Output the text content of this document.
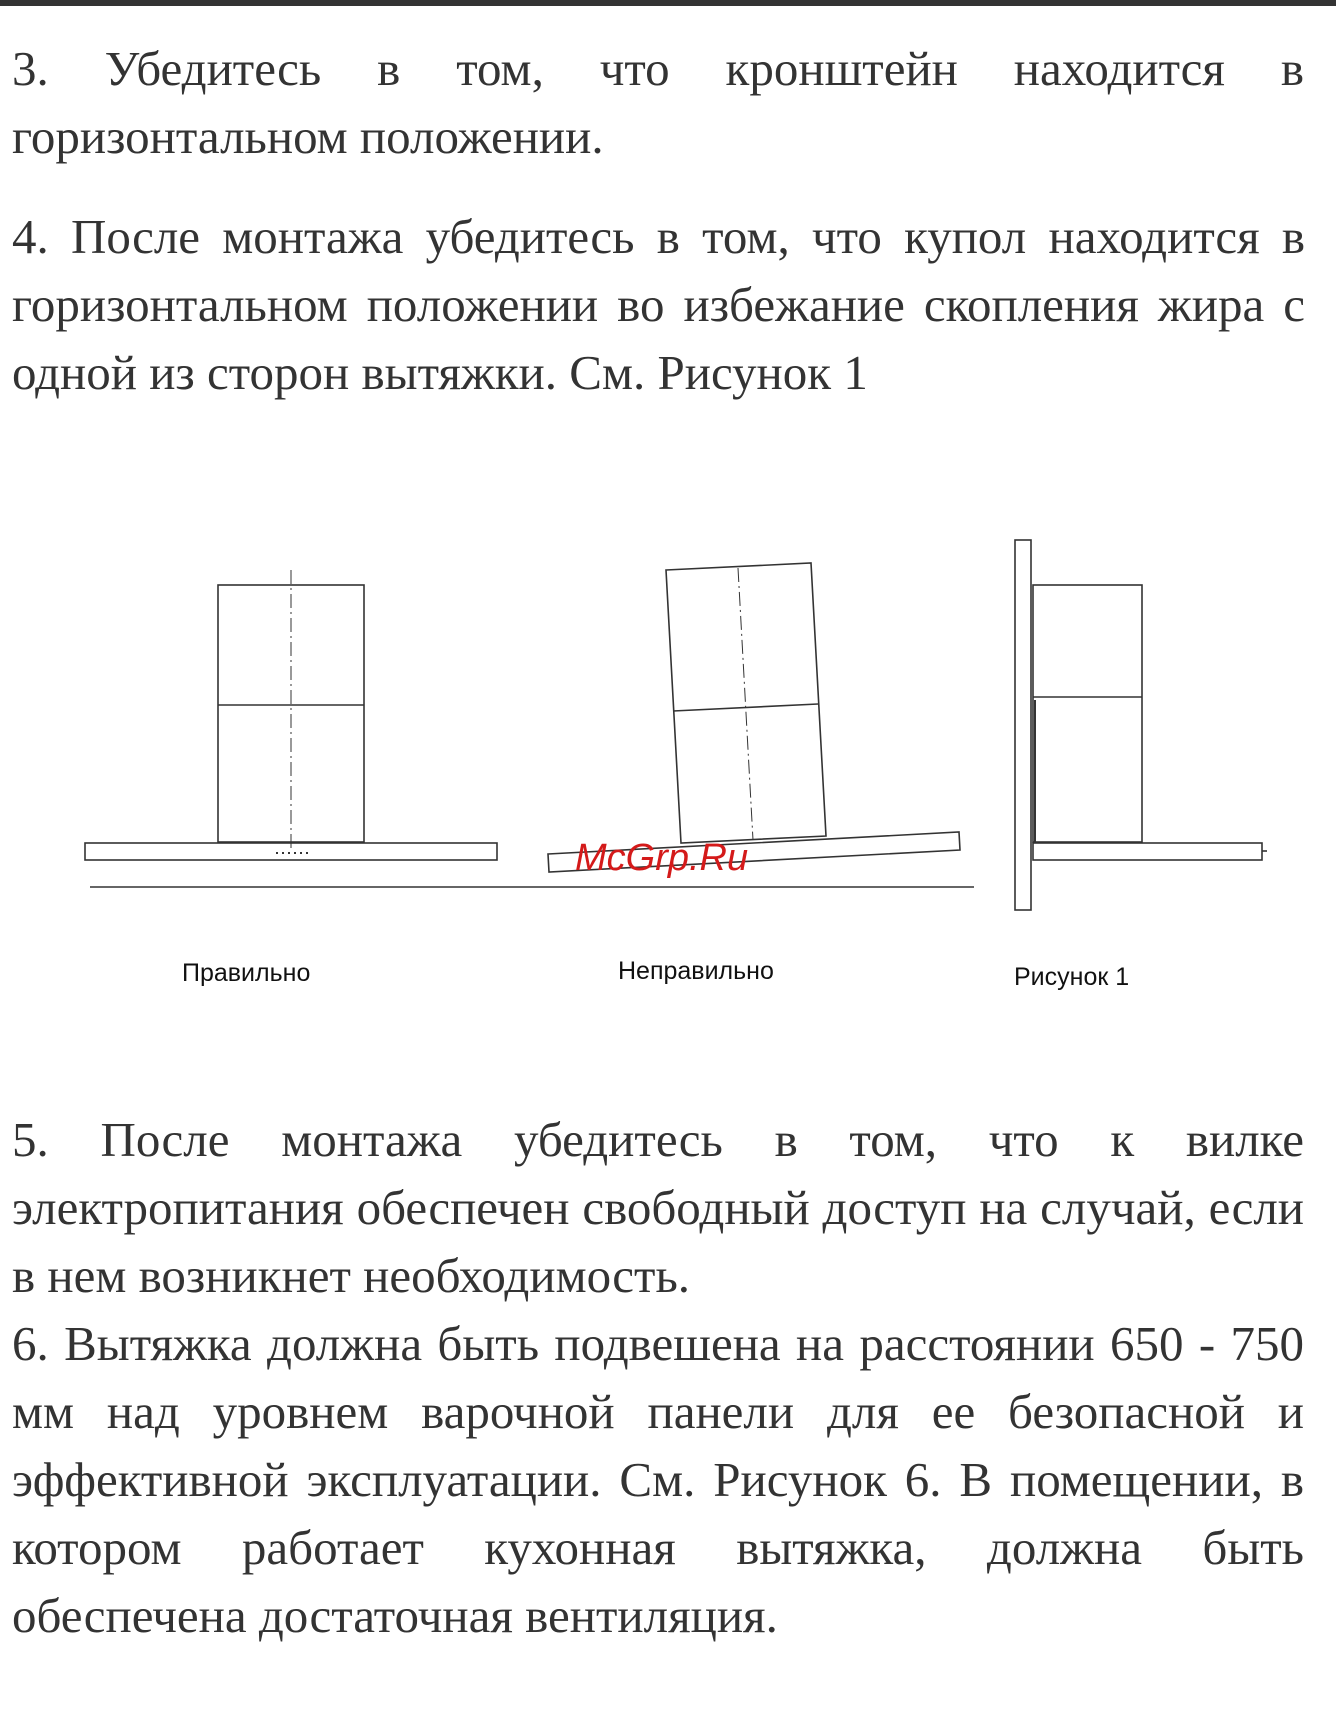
3. Убедитесь в том, что кронштейн находится в горизонтальном положении.

4. После монтажа убедитесь в том, что купол находится в горизонтальном положении во избежание скопления жира с одной из сторон вытяжки. См. Рисунок 1

Правильно	Неправильно	Рисунок 1
McGrp.Ru

5. После монтажа убедитесь в том, что к вилке электропитания обеспечен свободный доступ на случай, если в нем возникнет необходимость.

6. Вытяжка должна быть подвешена на расстоянии 650 - 750 мм над уровнем варочной панели для ее безопасной и эффективной эксплуатации. См. Рисунок 6. В помещении, в котором работает кухонная вытяжка, должна быть обеспечена достаточная вентиляция.
